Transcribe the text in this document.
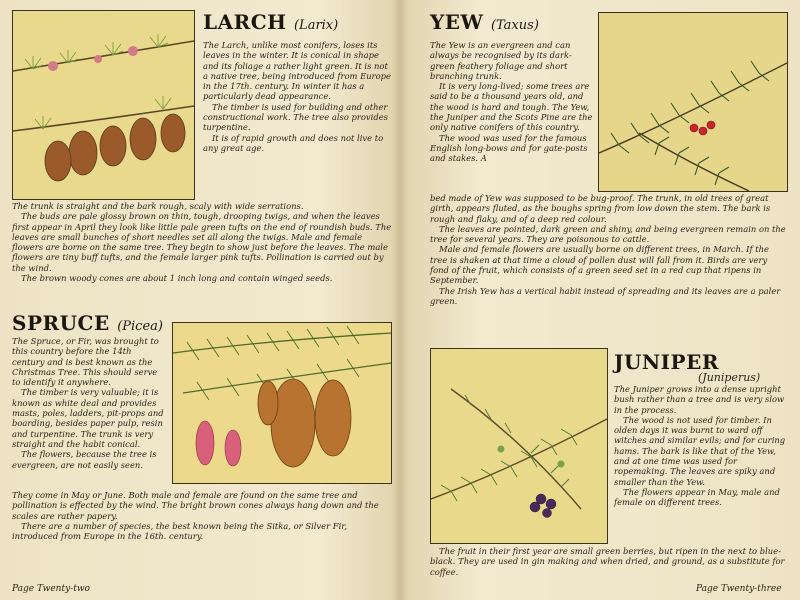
LARCH (Larix)

The Larch, unlike most conifers, loses its leaves in the winter. It is conical in shape and its foliage a rather light green. It is not a native tree, being introduced from Europe in the 17th. century. In winter it has a particularly dead appearance.

The timber is used for building and other constructional work. The tree also provides turpentine.

It is of rapid growth and does not live to any great age.

The trunk is straight and the bark rough, scaly with wide serrations.

The buds are pale glossy brown on thin, tough, drooping twigs, and when the leaves first appear in April they look like little pale green tufts on the end of roundish buds. The leaves are small bunches of short needles set all along the twigs. Male and female flowers are borne on the same tree. They begin to show just before the leaves. The male flowers are tiny buff tufts, and the female larger pink tufts. Pollination is carried out by the wind.

The brown woody cones are about 1 inch long and contain winged seeds.

SPRUCE (Picea)

The Spruce, or Fir, was brought to this country before the 14th century and is best known as the Christmas Tree. This should serve to identify it anywhere.

The timber is very valuable; it is known as white deal and provides masts, poles, ladders, pit-props and boarding, besides paper pulp, resin and turpentine. The trunk is very straight and the habit conical.

The flowers, because the tree is evergreen, are not easily seen.

They come in May or June. Both male and female are found on the same tree and pollination is effected by the wind. The bright brown cones always hang down and the scales are rather papery.

There are a number of species, the best known being the Sitka, or Silver Fir, introduced from Europe in the 16th. century.

Page Twenty-two
YEW (Taxus)

The Yew is an evergreen and can always be recognised by its dark-green feathery foliage and short branching trunk.

It is very long-lived; some trees are said to be a thousand years old, and the wood is hard and tough. The Yew, the Juniper and the Scots Pine are the only native conifers of this country.

The wood was used for the famous English long-bows and for gate-posts and stakes. A

bed made of Yew was supposed to be bug-proof. The trunk, in old trees of great girth, appears fluted, as the boughs spring from low down the stem. The bark is rough and flaky, and of a deep red colour.

The leaves are pointed, dark green and shiny, and being evergreen remain on the tree for several years. They are poisonous to cattle.

Male and female flowers are usually borne on different trees, in March. If the tree is shaken at that time a cloud of pollen dust will fall from it. Birds are very fond of the fruit, which consists of a green seed set in a red cup that ripens in September.

The Irish Yew has a vertical habit instead of spreading and its leaves are a paler green.

JUNIPER
(Juniperus)

The Juniper grows into a dense upright bush rather than a tree and is very slow in the process.

The wood is not used for timber. In olden days it was burnt to ward off witches and similar evils; and for curing hams. The bark is like that of the Yew, and at one time was used for ropemaking. The leaves are spiky and smaller than the Yew.

The flowers appear in May, male and female on different trees.

The fruit in their first year are small green berries, but ripen in the next to blue-black. They are used in gin making and when dried, and ground, as a substitute for coffee.

Page Twenty-three
